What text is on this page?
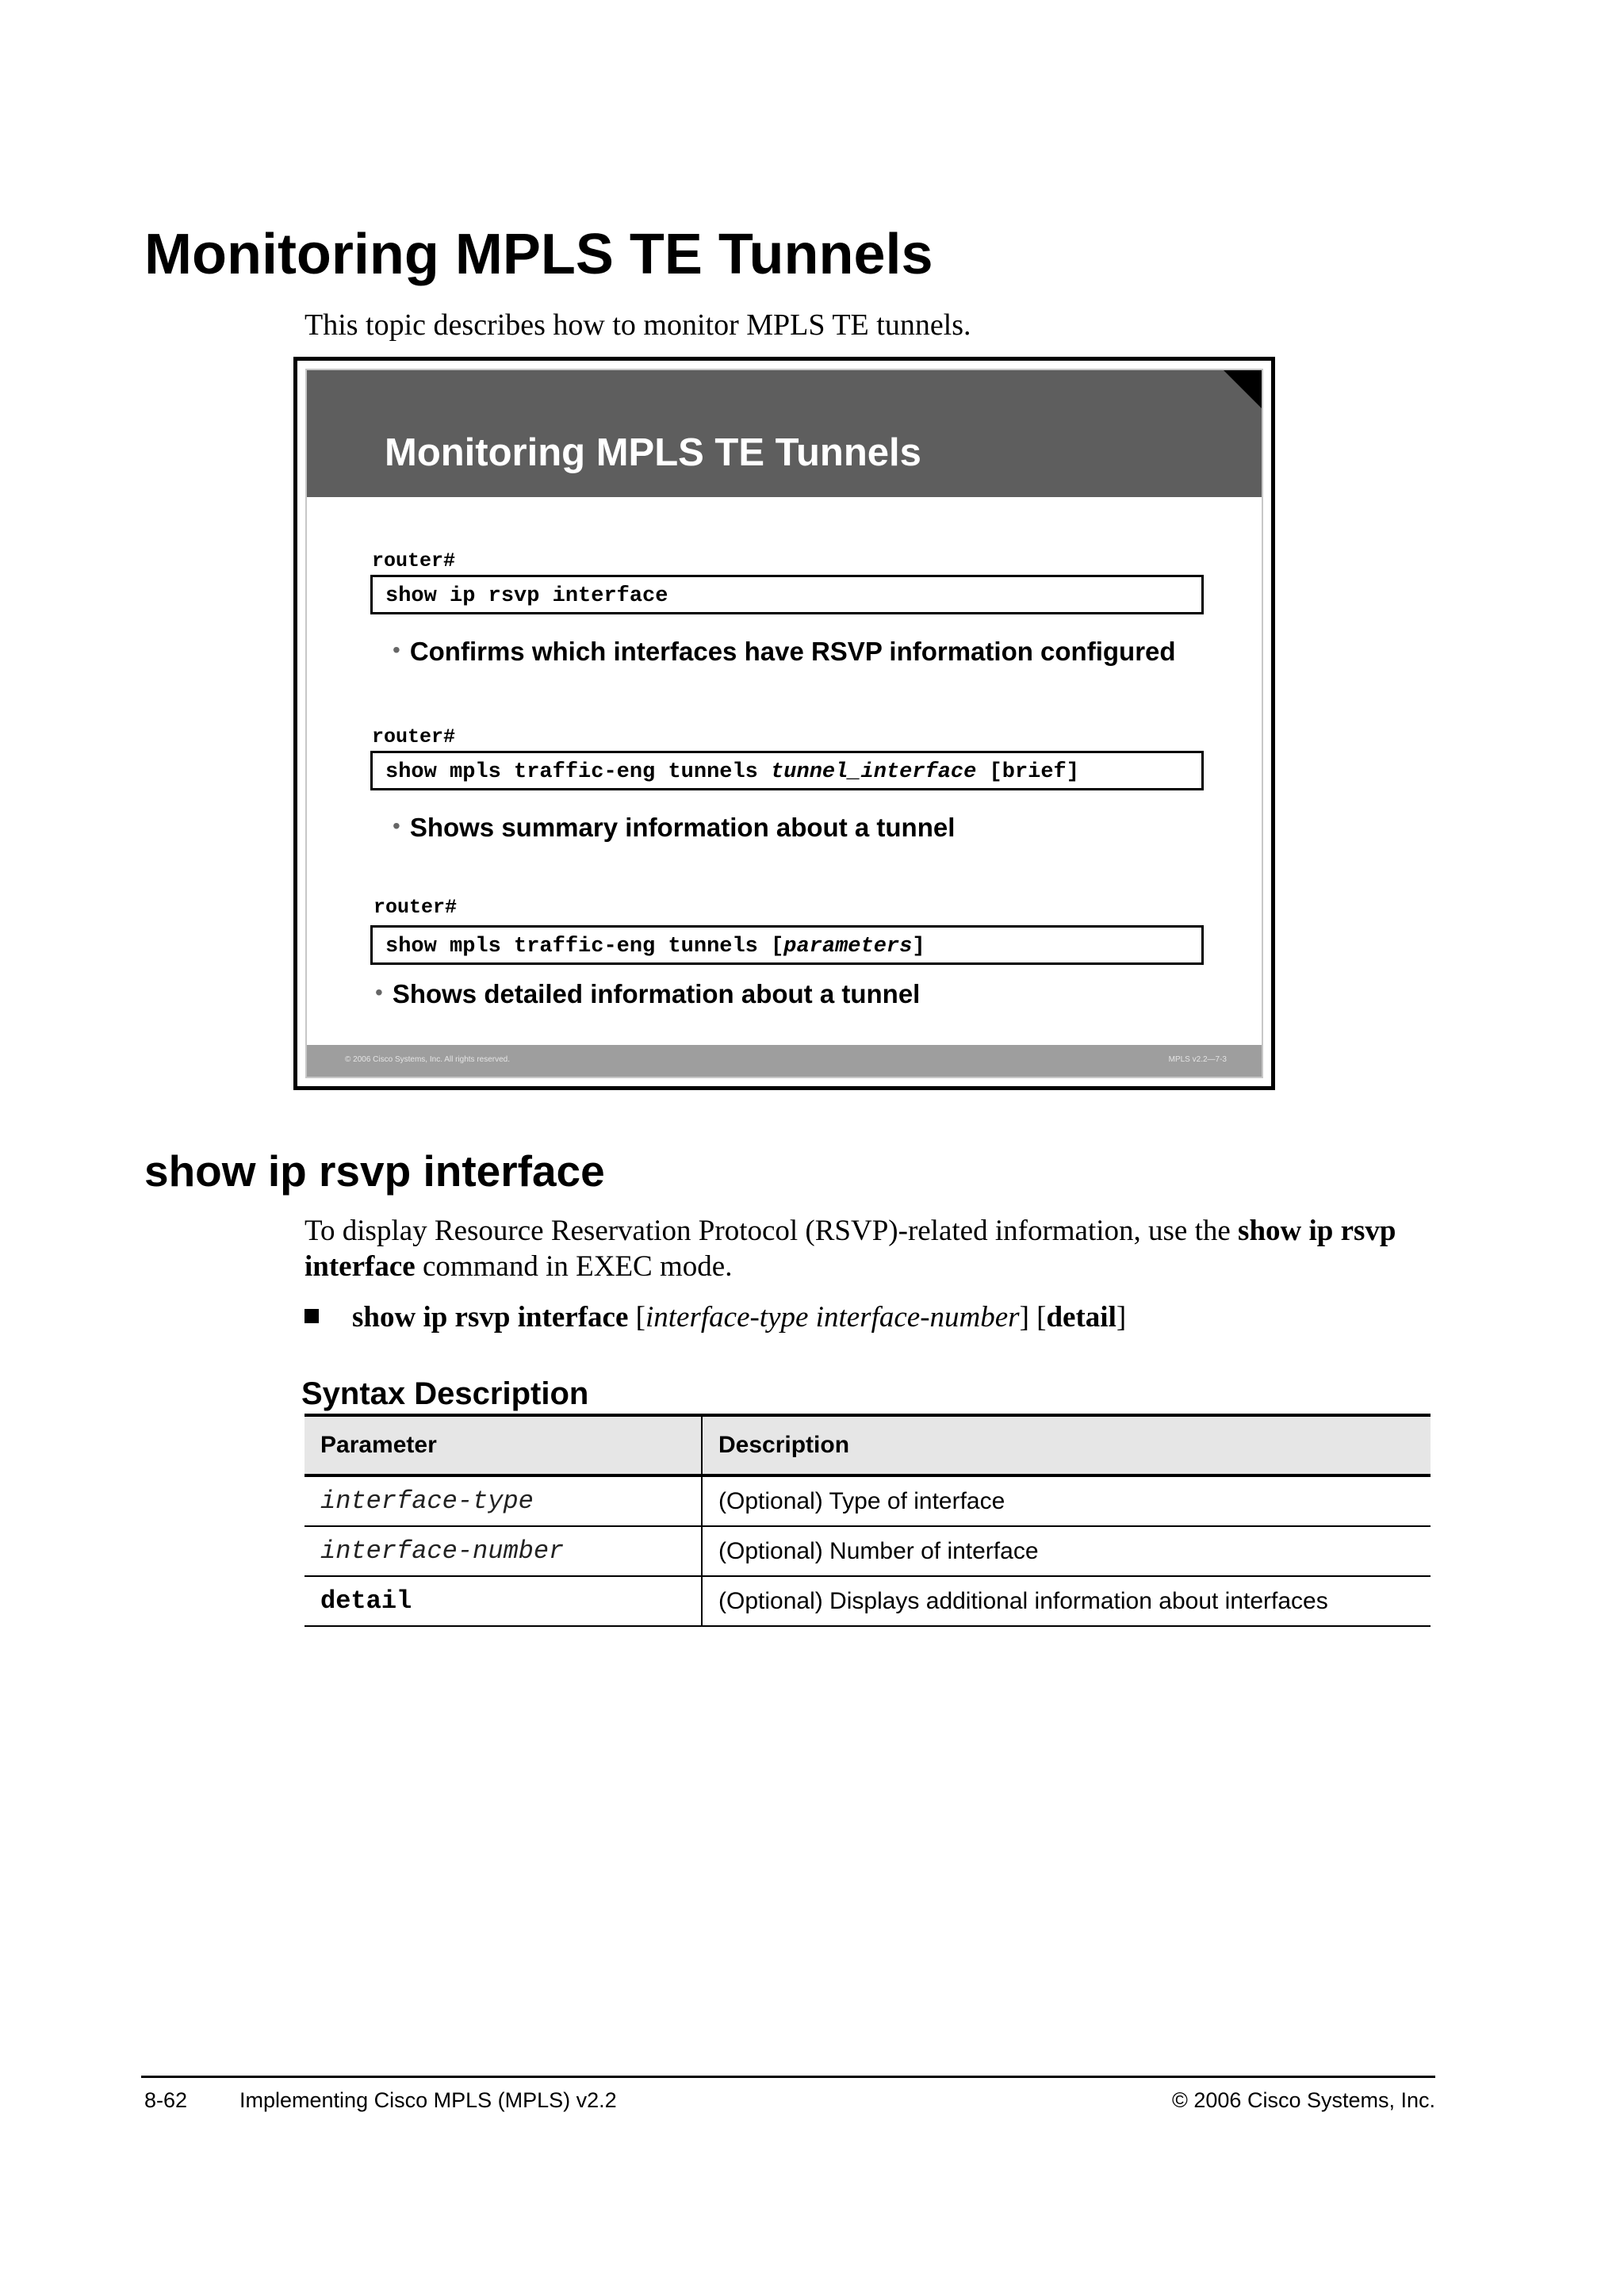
Monitoring MPLS TE Tunnels
This topic describes how to monitor MPLS TE tunnels.
Monitoring MPLS TE Tunnels
router#
show ip rsvp interface
• Confirms which interfaces have RSVP information configured
router#
show mpls traffic-eng tunnels tunnel_interface [brief]
• Shows summary information about a tunnel
router#
show mpls traffic-eng tunnels [parameters]
• Shows detailed information about a tunnel
© 2006 Cisco Systems, Inc. All rights reserved.	MPLS v2.2—7-3
show ip rsvp interface
To display Resource Reservation Protocol (RSVP)-related information, use the show ip rsvp interface command in EXEC mode.
show ip rsvp interface [interface-type interface-number] [detail]
Syntax Description
Parameter	Description
interface-type	(Optional) Type of interface
interface-number	(Optional) Number of interface
detail	(Optional) Displays additional information about interfaces
8-62 Implementing Cisco MPLS (MPLS) v2.2	© 2006 Cisco Systems, Inc.
